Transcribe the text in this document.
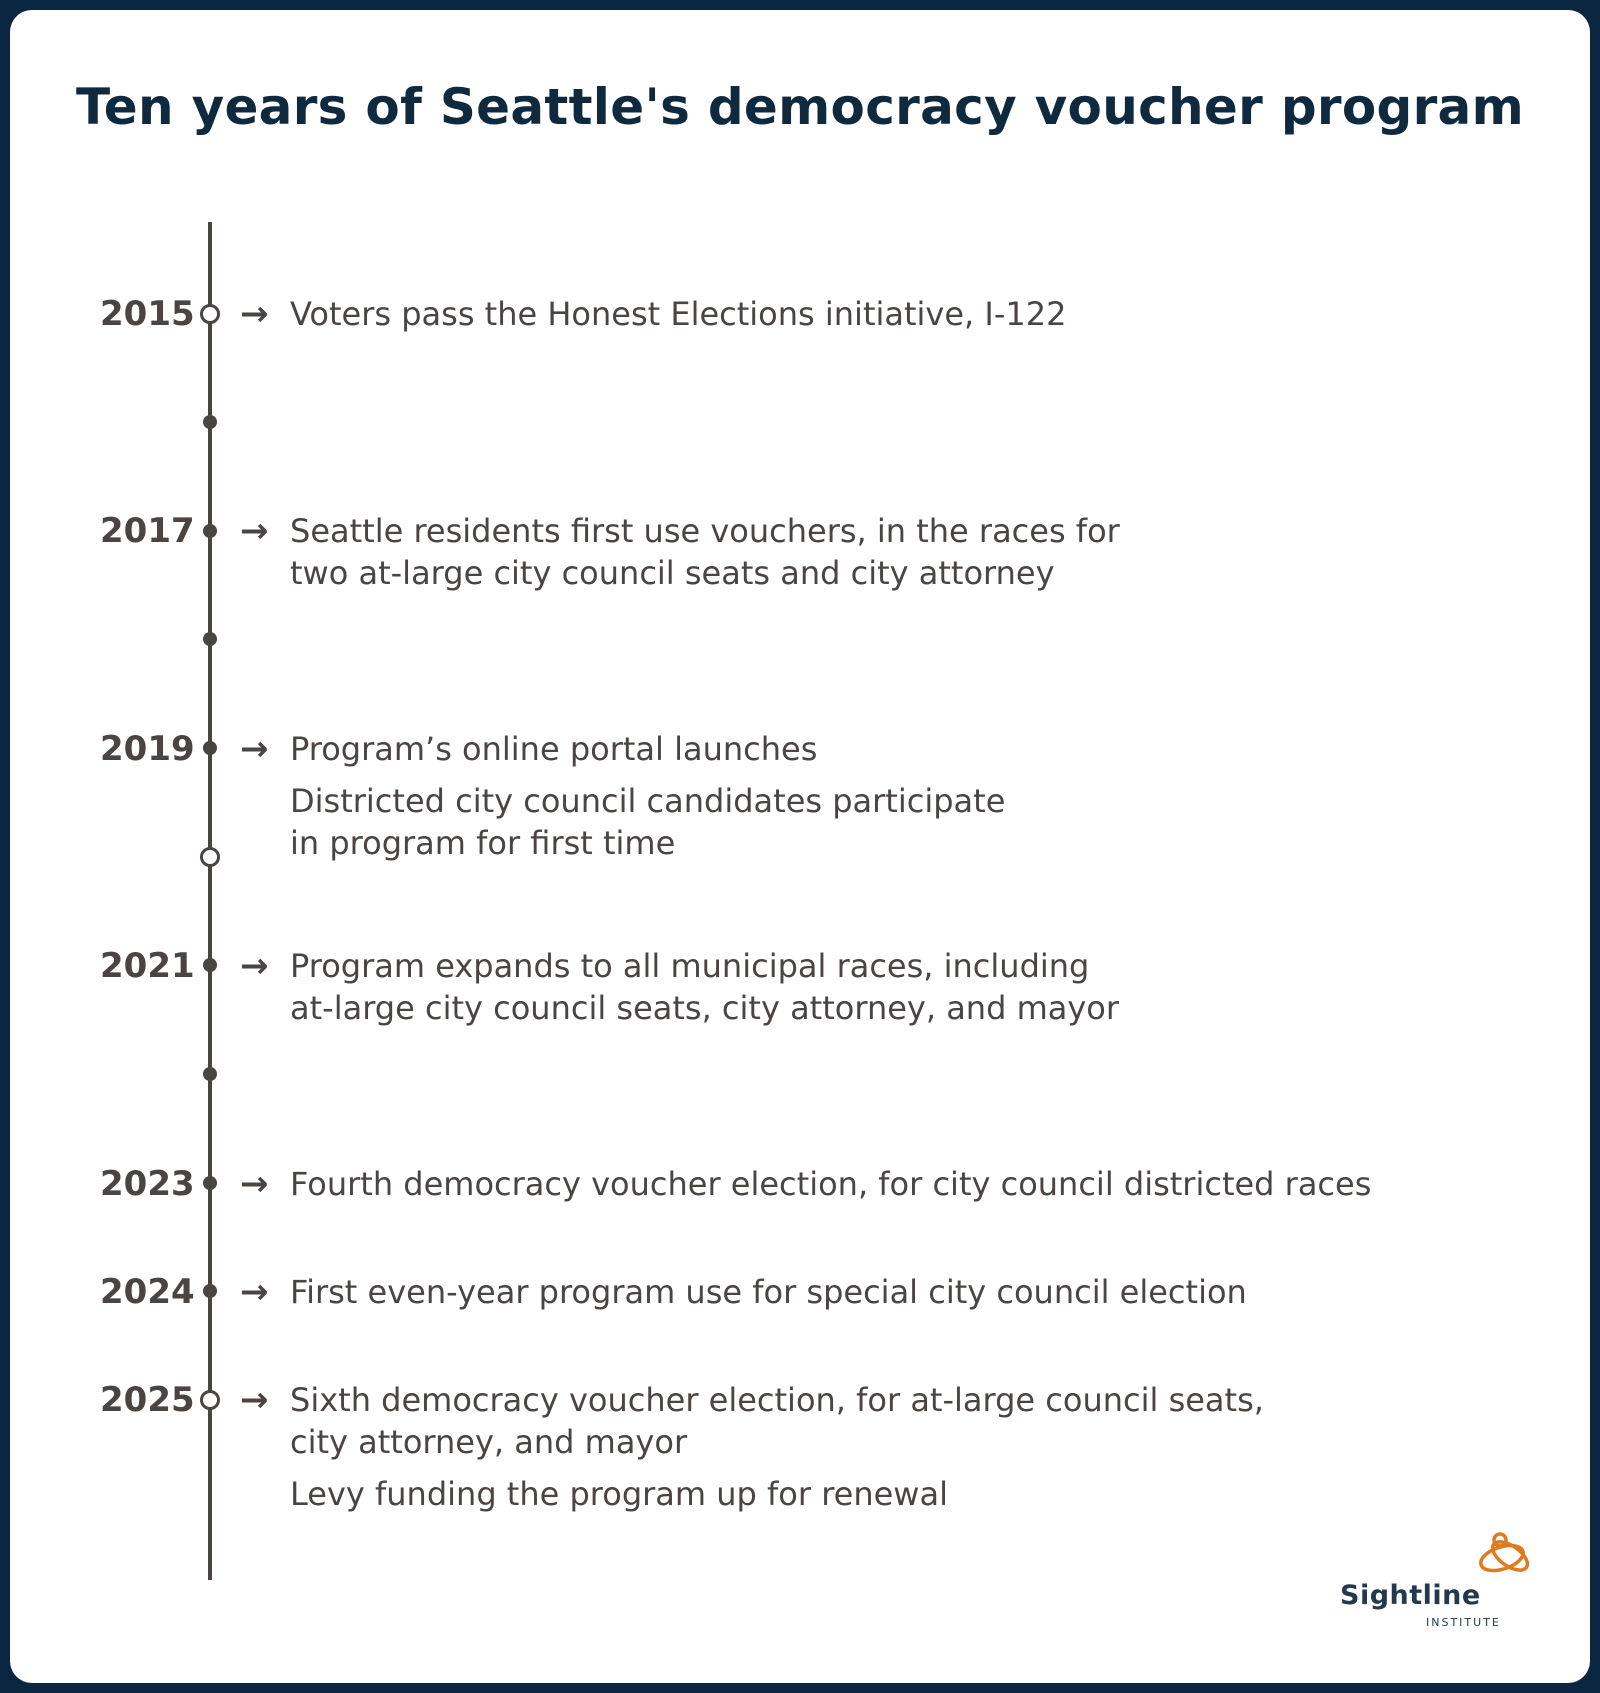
Ten years of Seattle's democracy voucher program
2015	→ Voters pass the Honest Elections initiative, I-122

2017	→ Seattle residents first use vouchers, in the races for
two at-large city council seats and city attorney

2019	→ Program’s online portal launches

Districted city council candidates participate
in program for first time

2021	→ Program expands to all municipal races, including
at-large city council seats, city attorney, and mayor

2023	→ Fourth democracy voucher election, for city council districted races

2024	→ First even-year program use for special city council election

2025	→ Sixth democracy voucher election, for at-large council seats,
city attorney, and mayor

Levy funding the program up for renewal

Sightline
INSTITUTE
